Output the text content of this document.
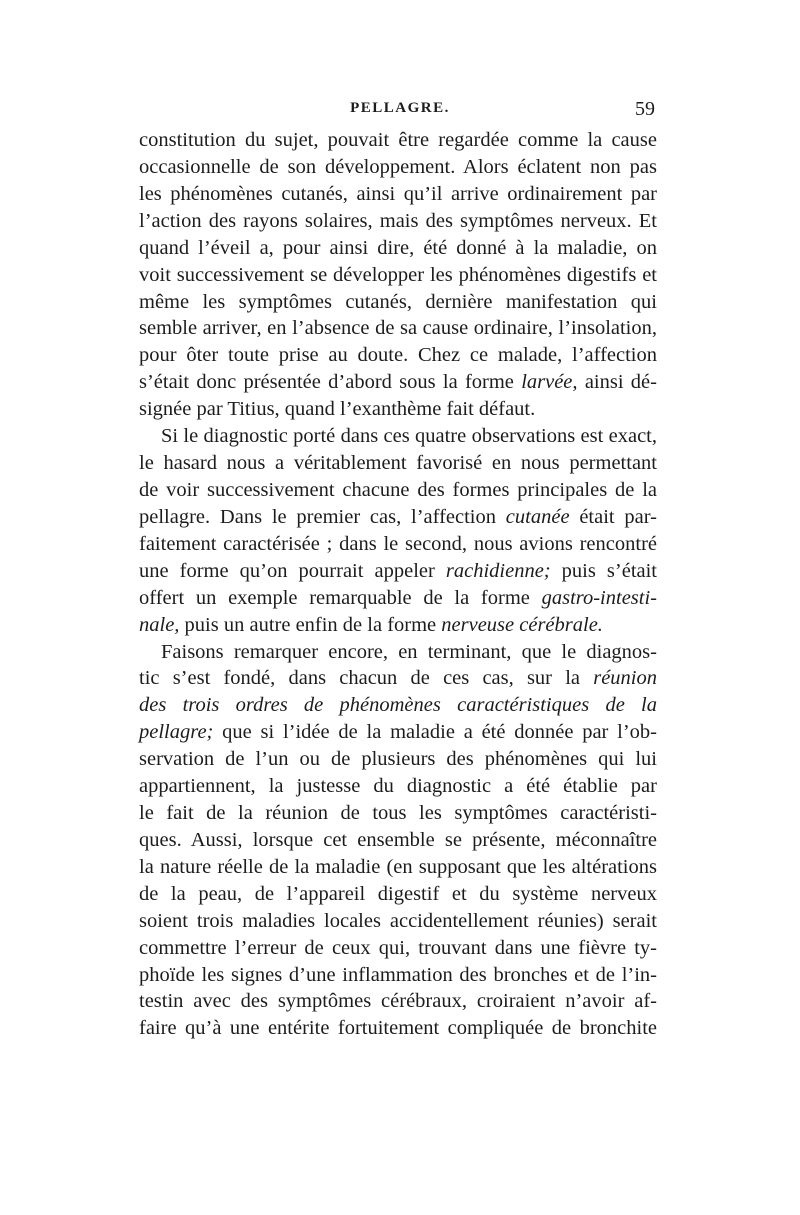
PELLAGRE.	59
constitution du sujet, pouvait être regardée comme la cause
occasionnelle de son développement. Alors éclatent non pas
les phénomènes cutanés, ainsi qu’il arrive ordinairement par
l’action des rayons solaires, mais des symptômes nerveux. Et
quand l’éveil a, pour ainsi dire, été donné à la maladie, on
voit successivement se développer les phénomènes digestifs et
même les symptômes cutanés, dernière manifestation qui
semble arriver, en l’absence de sa cause ordinaire, l’insolation,
pour ôter toute prise au doute. Chez ce malade, l’affection
s’était donc présentée d’abord sous la forme larvée, ainsi dé-
signée par Titius, quand l’exanthème fait défaut.
Si le diagnostic porté dans ces quatre observations est exact,
le hasard nous a véritablement favorisé en nous permettant
de voir successivement chacune des formes principales de la
pellagre. Dans le premier cas, l’affection cutanée était par-
faitement caractérisée ; dans le second, nous avions rencontré
une forme qu’on pourrait appeler rachidienne; puis s’était
offert un exemple remarquable de la forme gastro-intesti-
nale, puis un autre enfin de la forme nerveuse cérébrale.
Faisons remarquer encore, en terminant, que le diagnos-
tic s’est fondé, dans chacun de ces cas, sur la réunion
des trois ordres de phénomènes caractéristiques de la
pellagre; que si l’idée de la maladie a été donnée par l’ob-
servation de l’un ou de plusieurs des phénomènes qui lui
appartiennent, la justesse du diagnostic a été établie par
le fait de la réunion de tous les symptômes caractéristi-
ques. Aussi, lorsque cet ensemble se présente, méconnaître
la nature réelle de la maladie (en supposant que les altérations
de la peau, de l’appareil digestif et du système nerveux
soient trois maladies locales accidentellement réunies) serait
commettre l’erreur de ceux qui, trouvant dans une fièvre ty-
phoïde les signes d’une inflammation des bronches et de l’in-
testin avec des symptômes cérébraux, croiraient n’avoir af-
faire qu’à une entérite fortuitement compliquée de bronchite
